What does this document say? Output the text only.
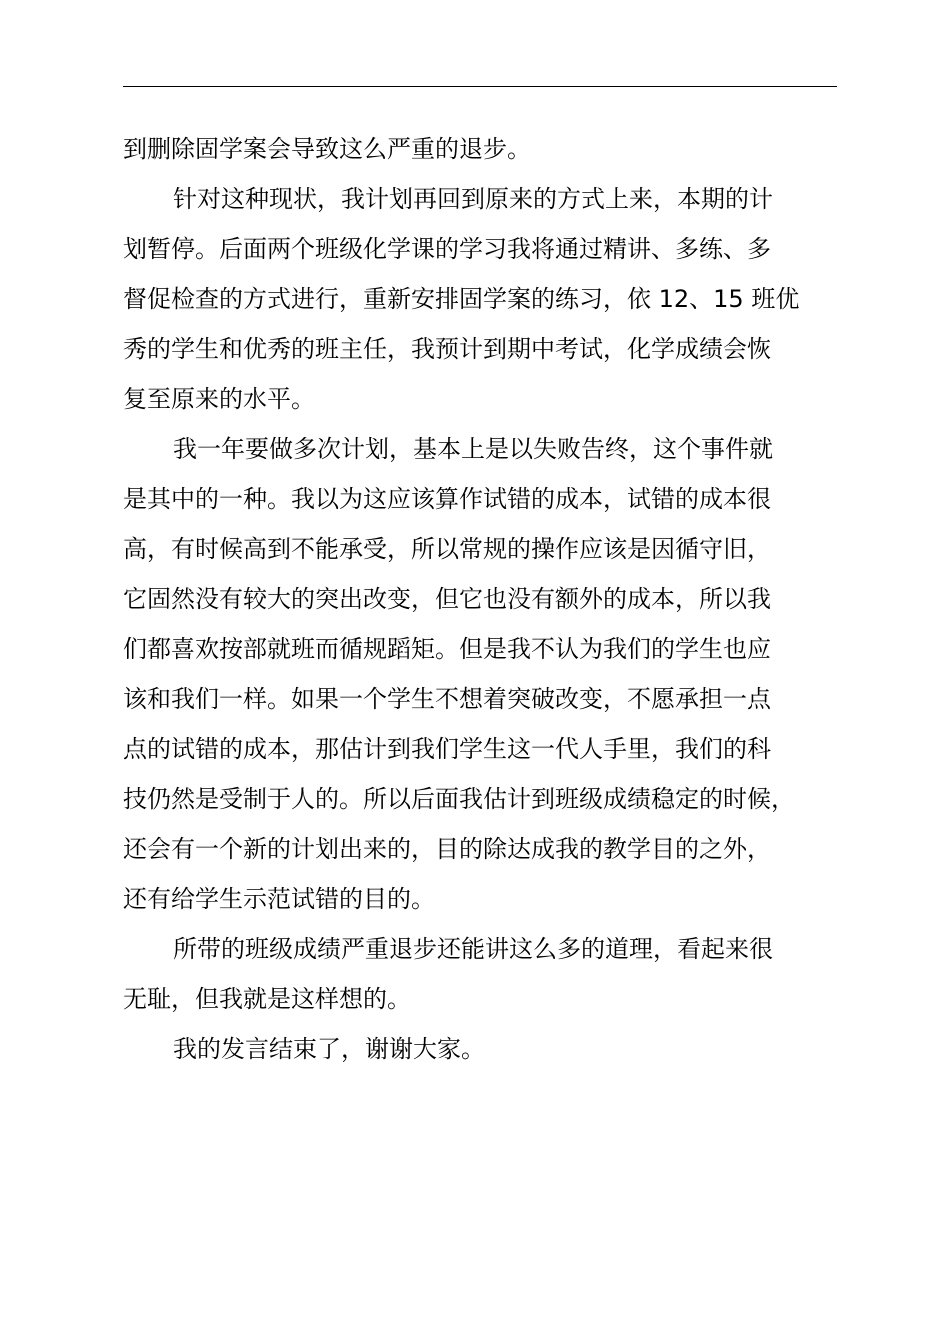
到删除固学案会导致这么严重的退步。
针对这种现状，我计划再回到原来的方式上来，本期的计
划暂停。后面两个班级化学课的学习我将通过精讲、多练、多
督促检查的方式进行，重新安排固学案的练习，依 12、15 班优
秀的学生和优秀的班主任，我预计到期中考试，化学成绩会恢
复至原来的水平。
我一年要做多次计划，基本上是以失败告终，这个事件就
是其中的一种。我以为这应该算作试错的成本，试错的成本很
高，有时候高到不能承受，所以常规的操作应该是因循守旧，
它固然没有较大的突出改变，但它也没有额外的成本，所以我
们都喜欢按部就班而循规蹈矩。但是我不认为我们的学生也应
该和我们一样。如果一个学生不想着突破改变，不愿承担一点
点的试错的成本，那估计到我们学生这一代人手里，我们的科
技仍然是受制于人的。所以后面我估计到班级成绩稳定的时候，
还会有一个新的计划出来的，目的除达成我的教学目的之外，
还有给学生示范试错的目的。
所带的班级成绩严重退步还能讲这么多的道理，看起来很
无耻，但我就是这样想的。
我的发言结束了，谢谢大家。
